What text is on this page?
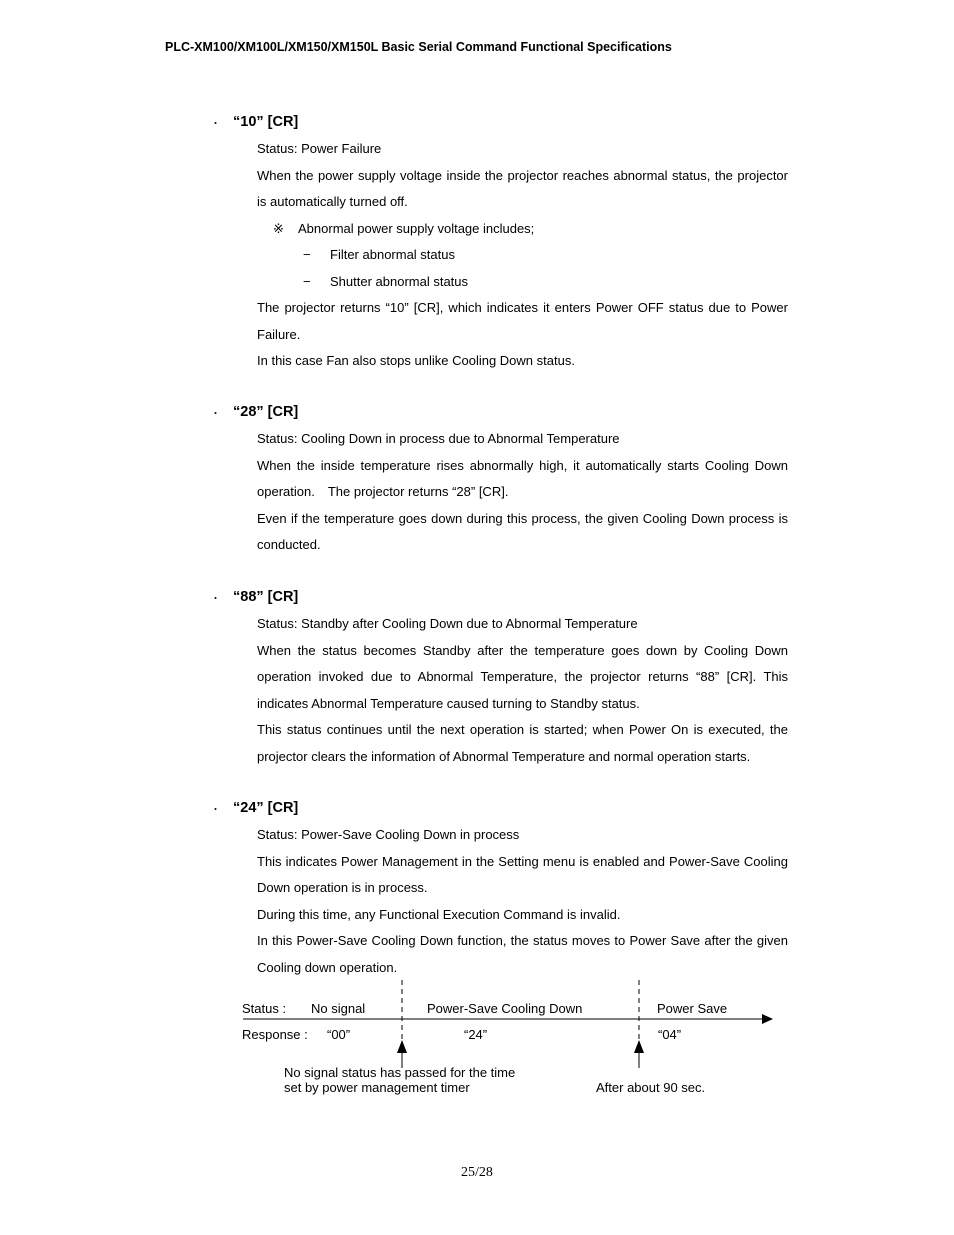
PLC-XM100/XM100L/XM150/XM150L Basic Serial Command Functional Specifications
・ “10” [CR]

Status: Power Failure

When the power supply voltage inside the projector reaches abnormal status, the projector is automatically turned off.

※ Abnormal power supply voltage includes;
− Filter abnormal status
− Shutter abnormal status

The projector returns “10” [CR], which indicates it enters Power OFF status due to Power Failure.

In this case Fan also stops unlike Cooling Down status.

・ “28” [CR]

Status: Cooling Down in process due to Abnormal Temperature

When the inside temperature rises abnormally high, it automatically starts Cooling Down operation.　The projector returns “28” [CR].

Even if the temperature goes down during this process, the given Cooling Down process is conducted.

・ “88” [CR]

Status: Standby after Cooling Down due to Abnormal Temperature

When the status becomes Standby after the temperature goes down by Cooling Down operation invoked due to Abnormal Temperature, the projector returns “88” [CR]. This indicates Abnormal Temperature caused turning to Standby status.

This status continues until the next operation is started; when Power On is executed, the projector clears the information of Abnormal Temperature and normal operation starts.

・ “24” [CR]

Status: Power-Save Cooling Down in process

This indicates Power Management in the Setting menu is enabled and Power-Save Cooling Down operation is in process.

During this time, any Functional Execution Command is invalid.

In this Power-Save Cooling Down function, the status moves to Power Save after the given Cooling down operation.

Status : No signal	Power-Save Cooling Down	Power Save
Response : “00”	“24”	“04”
No signal status has passed for the time
set by power management timer	After about 90 sec.
25/28
